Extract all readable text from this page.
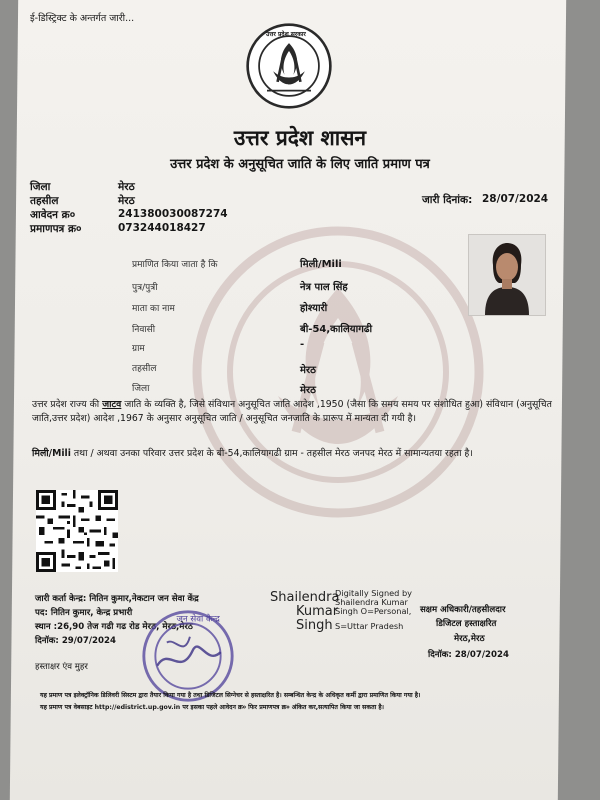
ई-डिस्ट्रिक्ट के अन्तर्गत जारी...
उत्तर प्रदेश सरकार
उत्तर प्रदेश शासन
उत्तर प्रदेश के अनुसूचित जाति के लिए जाति प्रमाण पत्र
जिला	मेरठ
तहसील	मेरठ
आवेदन क्र०	241380030087274
प्रमाणपत्र क्र०	073244018427
जारी दिनांक: 28/07/2024
प्रमाणित किया जाता है कि	मिली/Mili
पुत्र/पुत्री	नेत्र पाल सिंह
माता का नाम	होश्यारी
निवासी	बी-54,कालियागढी
ग्राम	-
तहसील	मेरठ
जिला	मेरठ
उत्तर प्रदेश राज्य की जाटव जाति के व्यक्ति है, जिसे संविधान अनुसूचित जाति आदेश ,1950 (जैसा कि समय समय पर संशोधित हुआ) संविधान (अनुसूचित जाति,उत्तर प्रदेश) आदेश ,1967 के अनुसार अनुसूचित जाति / अनुसूचित जनजाति के प्रारूप में मान्यता दी गयी है।
मिली/Mili तथा / अथवा उनका परिवार उत्तर प्रदेश के बी-54,कालियागढी ग्राम - तहसील मेरठ जनपद मेरठ में सामान्यतया रहता है।
जारी कर्ता केन्द्र: नितिन कुमार,नेकटान जन सेवा केंद्र
पद: नितिन कुमार, केन्द्र प्रभारी
स्थान :26,90 तेज गढी गढ रोड मेरठ, मेरठ,मेरठ
दिनॉक: 29/07/2024
हस्ताक्षर एंव मुहर
जन सेवा केन्द्र
Shailendra
Kumar
Singh
Digitally Signed by
Shailendra Kumar
Singh O=Personal,
S=Uttar Pradesh
सक्षम अधिकारी/तहसीलदार
डिजिटल हस्ताक्षरित
मेरठ,मेरठ
दिनॉक: 28/07/2024
यह प्रमाण पत्र इलेक्ट्रॉनिक डिलिवरी सिस्टम द्वारा तैयार किया गया है तथा डिजिटल सिग्नेचर से हस्ताक्षरित है। सम्बन्धित केन्द्र के अधिकृत कर्मी द्वारा प्रमाणित किया गया है।
यह प्रमाण पत्र वेबसाइट http://edistrict.up.gov.in पर इसका पहले आवेदन क्र० फिर प्रमाणपत्र क्र० अंकित कर,सत्यापित किया जा सकता है।
